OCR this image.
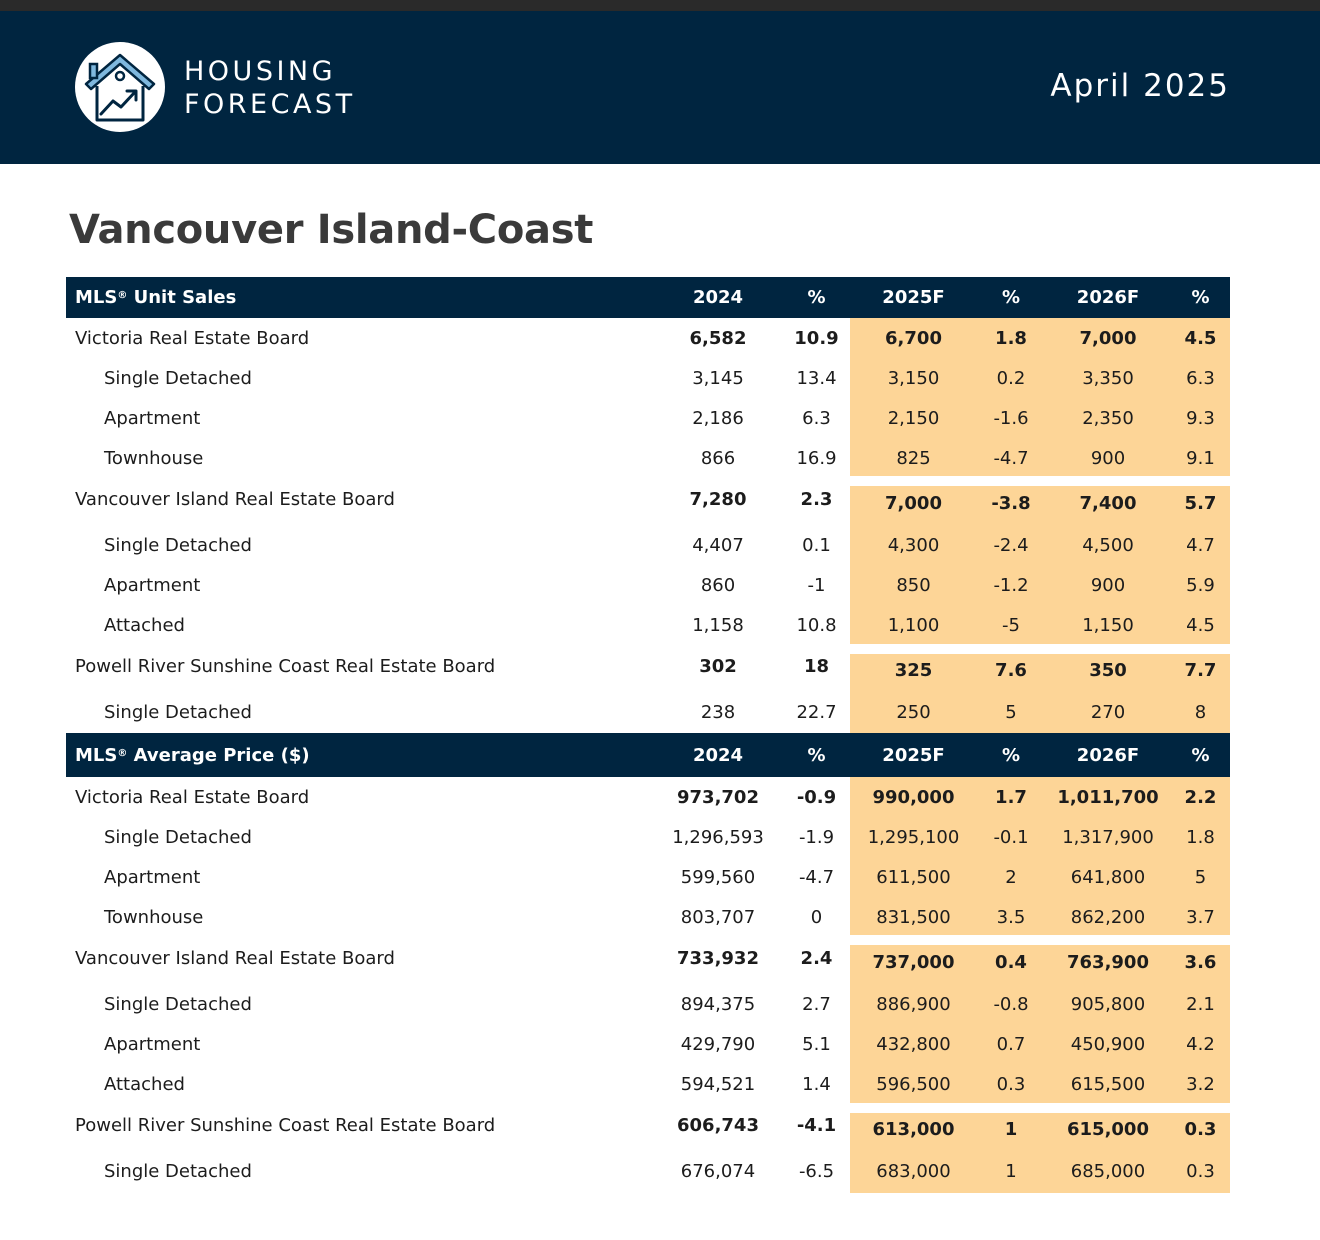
HOUSING
FORECAST
April 2025
Vancouver Island-Coast
MLS® Unit Sales	2024	%	2025F	%	2026F	%
Victoria Real Estate Board	6,582	10.9	6,700	1.8	7,000	4.5
Single Detached	3,145	13.4	3,150	0.2	3,350	6.3
Apartment	2,186	6.3	2,150	-1.6	2,350	9.3
Townhouse	866	16.9	825	-4.7	900	9.1
Vancouver Island Real Estate Board	7,280	2.3	7,000	-3.8	7,400	5.7
Single Detached	4,407	0.1	4,300	-2.4	4,500	4.7
Apartment	860	-1	850	-1.2	900	5.9
Attached	1,158	10.8	1,100	-5	1,150	4.5
Powell River Sunshine Coast Real Estate Board	302	18	325	7.6	350	7.7
Single Detached	238	22.7	250	5	270	8
MLS® Average Price ($)	2024	%	2025F	%	2026F	%
Victoria Real Estate Board	973,702	-0.9	990,000	1.7	1,011,700	2.2
Single Detached	1,296,593	-1.9	1,295,100	-0.1	1,317,900	1.8
Apartment	599,560	-4.7	611,500	2	641,800	5
Townhouse	803,707	0	831,500	3.5	862,200	3.7
Vancouver Island Real Estate Board	733,932	2.4	737,000	0.4	763,900	3.6
Single Detached	894,375	2.7	886,900	-0.8	905,800	2.1
Apartment	429,790	5.1	432,800	0.7	450,900	4.2
Attached	594,521	1.4	596,500	0.3	615,500	3.2
Powell River Sunshine Coast Real Estate Board	606,743	-4.1	613,000	1	615,000	0.3
Single Detached	676,074	-6.5	683,000	1	685,000	0.3
